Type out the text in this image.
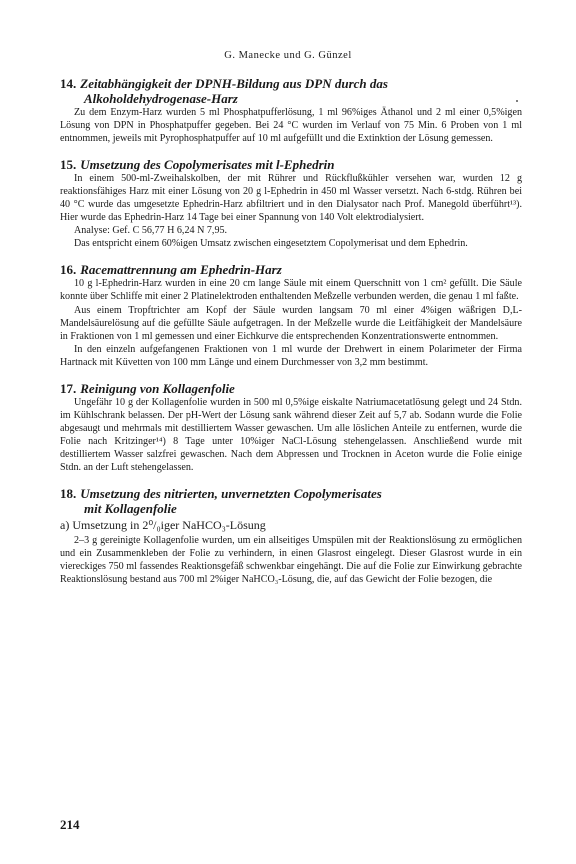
G. Manecke und G. Günzel
14. Zeitabhängigkeit der DPNH-Bildung aus DPN durch das
Alkoholdehydrogenase-Harz

Zu dem Enzym-Harz wurden 5 ml Phosphatpufferlösung, 1 ml 96%iges Äthanol und 2 ml einer 0,5%igen Lösung von DPN in Phosphatpuffer gegeben. Bei 24 °C wurden im Verlauf von 75 Min. 6 Proben von 1 ml entnommen, jeweils mit Pyrophosphatpuffer auf 10 ml aufgefüllt und die Extinktion der Lösung gemessen.

15. Umsetzung des Copolymerisates mit l-Ephedrin

In einem 500-ml-Zweihalskolben, der mit Rührer und Rückflußkühler versehen war, wurden 12 g reaktionsfähiges Harz mit einer Lösung von 20 g l-Ephedrin in 450 ml Wasser versetzt. Nach 6-stdg. Rühren bei 40 °C wurde das umgesetzte Ephedrin-Harz abfiltriert und in den Dialysator nach Prof. Manegold überführt¹³). Hier wurde das Ephedrin-Harz 14 Tage bei einer Spannung von 140 Volt elektrodialysiert.

Analyse: Gef. C 56,77 H 6,24 N 7,95.

Das entspricht einem 60%igen Umsatz zwischen eingesetztem Copolymerisat und dem Ephedrin.

16. Racemattrennung am Ephedrin-Harz

10 g l-Ephedrin-Harz wurden in eine 20 cm lange Säule mit einem Querschnitt von 1 cm² gefüllt. Die Säule konnte über Schliffe mit einer 2 Platinelektroden enthaltenden Meßzelle verbunden werden, die genau 1 ml faßte.

Aus einem Tropftrichter am Kopf der Säule wurden langsam 70 ml einer 4%igen wäßrigen D,L-Mandelsäurelösung auf die gefüllte Säule aufgetragen. In der Meßzelle wurde die Leitfähigkeit der Mandelsäure in Fraktionen von 1 ml gemessen und einer Eichkurve die entsprechenden Konzentrationswerte entnommen.

In den einzeln aufgefangenen Fraktionen von 1 ml wurde der Drehwert in einem Polarimeter der Firma Hartnack mit Küvetten von 100 mm Länge und einem Durchmesser von 3,2 mm bestimmt.

17. Reinigung von Kollagenfolie

Ungefähr 10 g der Kollagenfolie wurden in 500 ml 0,5%ige eiskalte Natriumacetatlösung gelegt und 24 Stdn. im Kühlschrank belassen. Der pH-Wert der Lösung sank während dieser Zeit auf 5,7 ab. Sodann wurde die Folie abgesaugt und mehrmals mit destilliertem Wasser gewaschen. Um alle löslichen Anteile zu entfernen, wurde die Folie nach Kritzinger¹⁴) 8 Tage unter 10%iger NaCl-Lösung stehengelassen. Anschließend wurde mit destilliertem Wasser salzfrei gewaschen. Nach dem Abpressen und Trocknen in Aceton wurde die Folie einige Stdn. an der Luft stehengelassen.

18. Umsetzung des nitrierten, unvernetzten Copolymerisates
mit Kollagenfolie
a) Umsetzung in 2⁰/₀iger NaHCO₃-Lösung

2–3 g gereinigte Kollagenfolie wurden, um ein allseitiges Umspülen mit der Reaktionslösung zu ermöglichen und ein Zusammenkleben der Folie zu verhindern, in einen Glasrost eingelegt. Dieser Glasrost wurde in ein viereckiges 750 ml fassendes Reaktionsgefäß schwenkbar eingehängt. Die auf die Folie zur Einwirkung gebrachte Reaktionslösung bestand aus 700 ml 2%iger NaHCO₃-Lösung, die, auf das Gewicht der Folie bezogen, die

214
